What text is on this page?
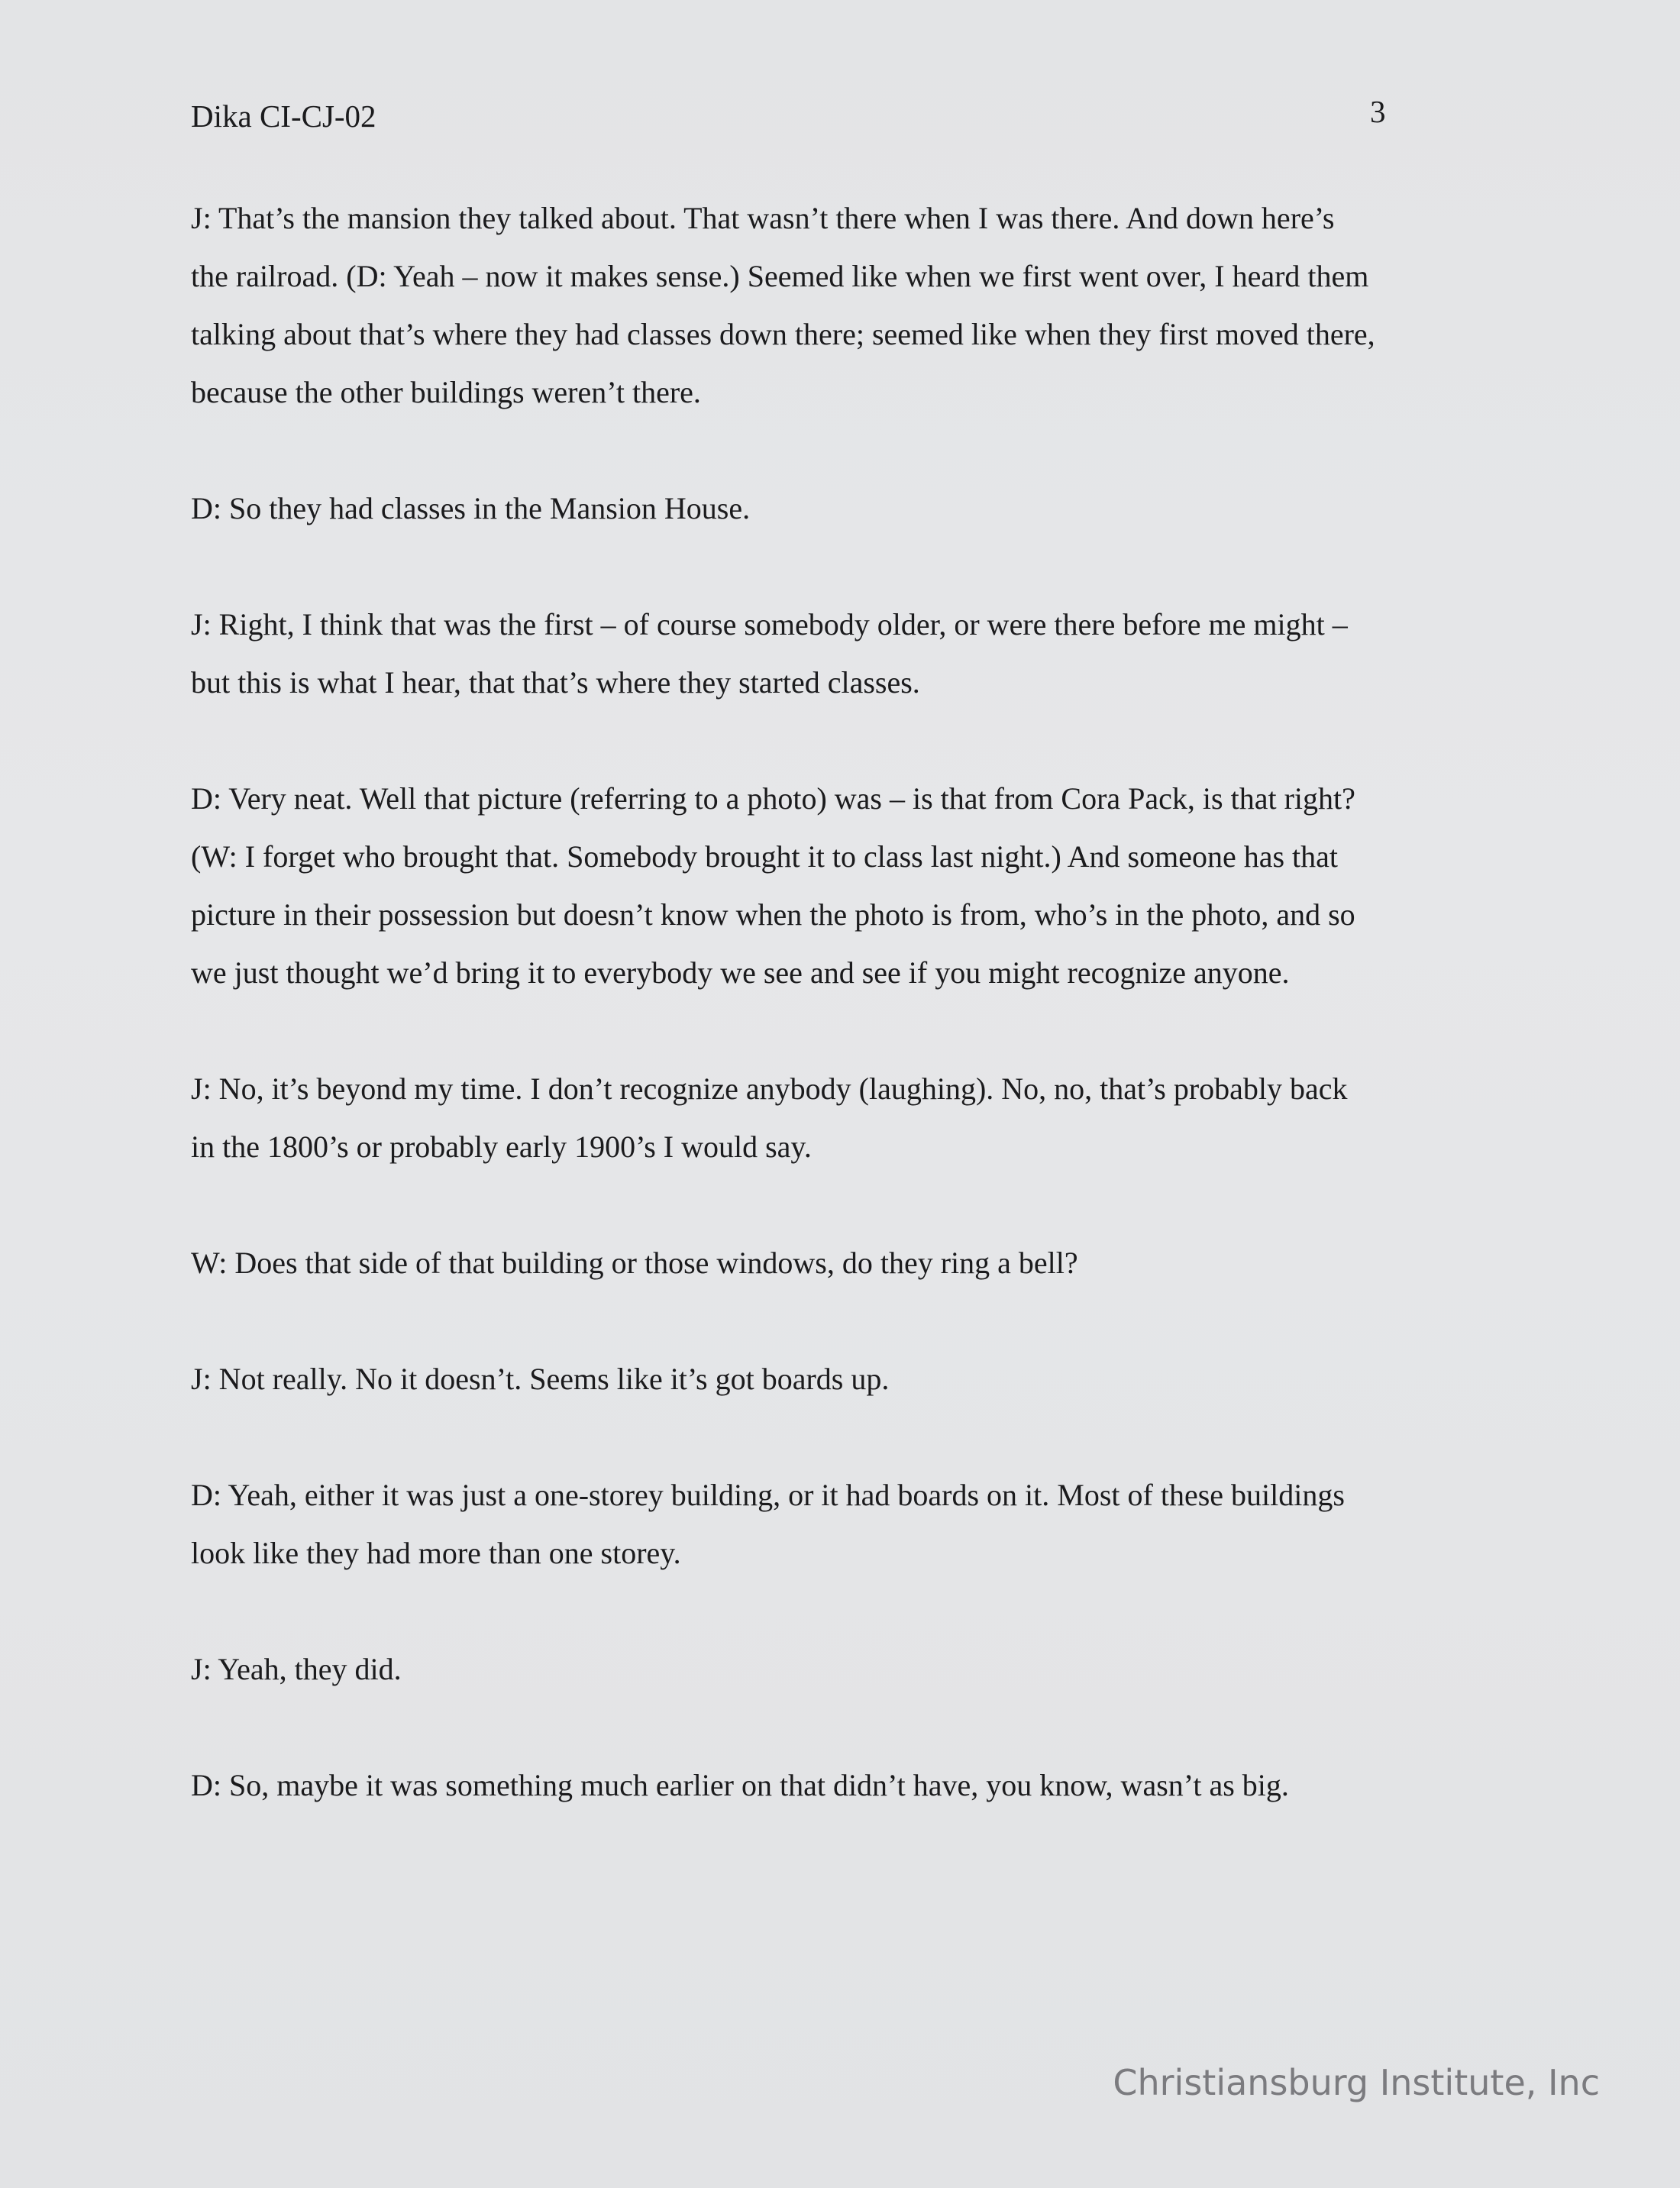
Dika CI-CJ-02	3

J: That’s the mansion they talked about. That wasn’t there when I was there. And down here’s
the railroad. (D: Yeah – now it makes sense.) Seemed like when we first went over, I heard them
talking about that’s where they had classes down there; seemed like when they first moved there,
because the other buildings weren’t there.

D: So they had classes in the Mansion House.

J: Right, I think that was the first – of course somebody older, or were there before me might –
but this is what I hear, that that’s where they started classes.

D: Very neat. Well that picture (referring to a photo) was – is that from Cora Pack, is that right?
(W: I forget who brought that. Somebody brought it to class last night.) And someone has that
picture in their possession but doesn’t know when the photo is from, who’s in the photo, and so
we just thought we’d bring it to everybody we see and see if you might recognize anyone.

J: No, it’s beyond my time. I don’t recognize anybody (laughing). No, no, that’s probably back
in the 1800’s or probably early 1900’s I would say.

W: Does that side of that building or those windows, do they ring a bell?

J: Not really. No it doesn’t. Seems like it’s got boards up.

D: Yeah, either it was just a one-storey building, or it had boards on it. Most of these buildings
look like they had more than one storey.

J: Yeah, they did.

D: So, maybe it was something much earlier on that didn’t have, you know, wasn’t as big.

Christiansburg Institute, Inc
